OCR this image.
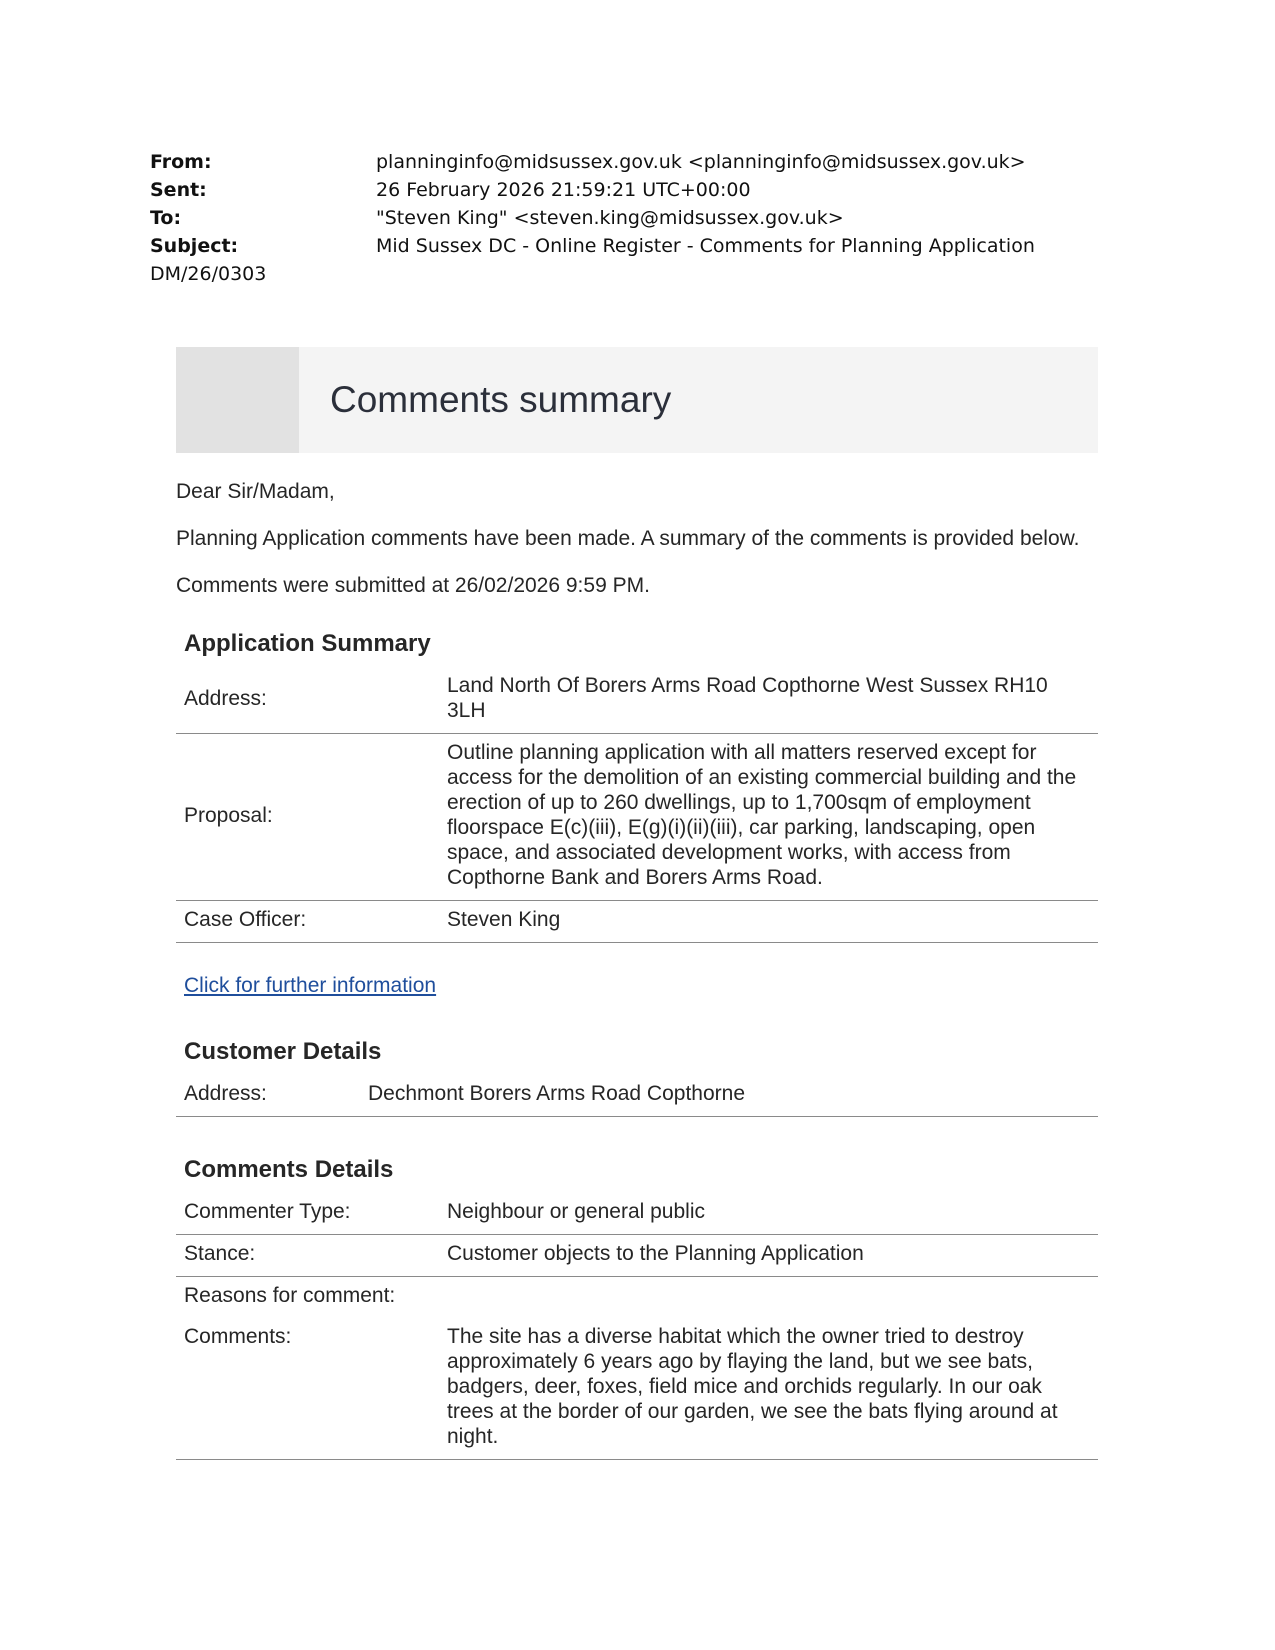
From:	planninginfo@midsussex.gov.uk <planninginfo@midsussex.gov.uk>
Sent:	26 February 2026 21:59:21 UTC+00:00
To:	"Steven King" <steven.king@midsussex.gov.uk>
Subject:	Mid Sussex DC - Online Register - Comments for Planning Application
DM/26/0303
Comments summary

Dear Sir/Madam,

Planning Application comments have been made. A summary of the comments is provided below.

Comments were submitted at 26/02/2026 9:59 PM.

Application Summary
Address:	Land North Of Borers Arms Road Copthorne West Sussex RH10 3LH
Proposal:	Outline planning application with all matters reserved except for access for the demolition of an existing commercial building and the erection of up to 260 dwellings, up to 1,700sqm of employment floorspace E(c)(iii), E(g)(i)(ii)(iii), car parking, landscaping, open space, and associated development works, with access from Copthorne Bank and Borers Arms Road.
Case Officer:	Steven King
Click for further information
Customer Details
Address:	Dechmont Borers Arms Road Copthorne
Comments Details
Commenter Type:	Neighbour or general public
Stance:	Customer objects to the Planning Application
Reasons for comment:	
Comments:	The site has a diverse habitat which the owner tried to destroy approximately 6 years ago by flaying the land, but we see bats, badgers, deer, foxes, field mice and orchids regularly. In our oak trees at the border of our garden, we see the bats flying around at night.
